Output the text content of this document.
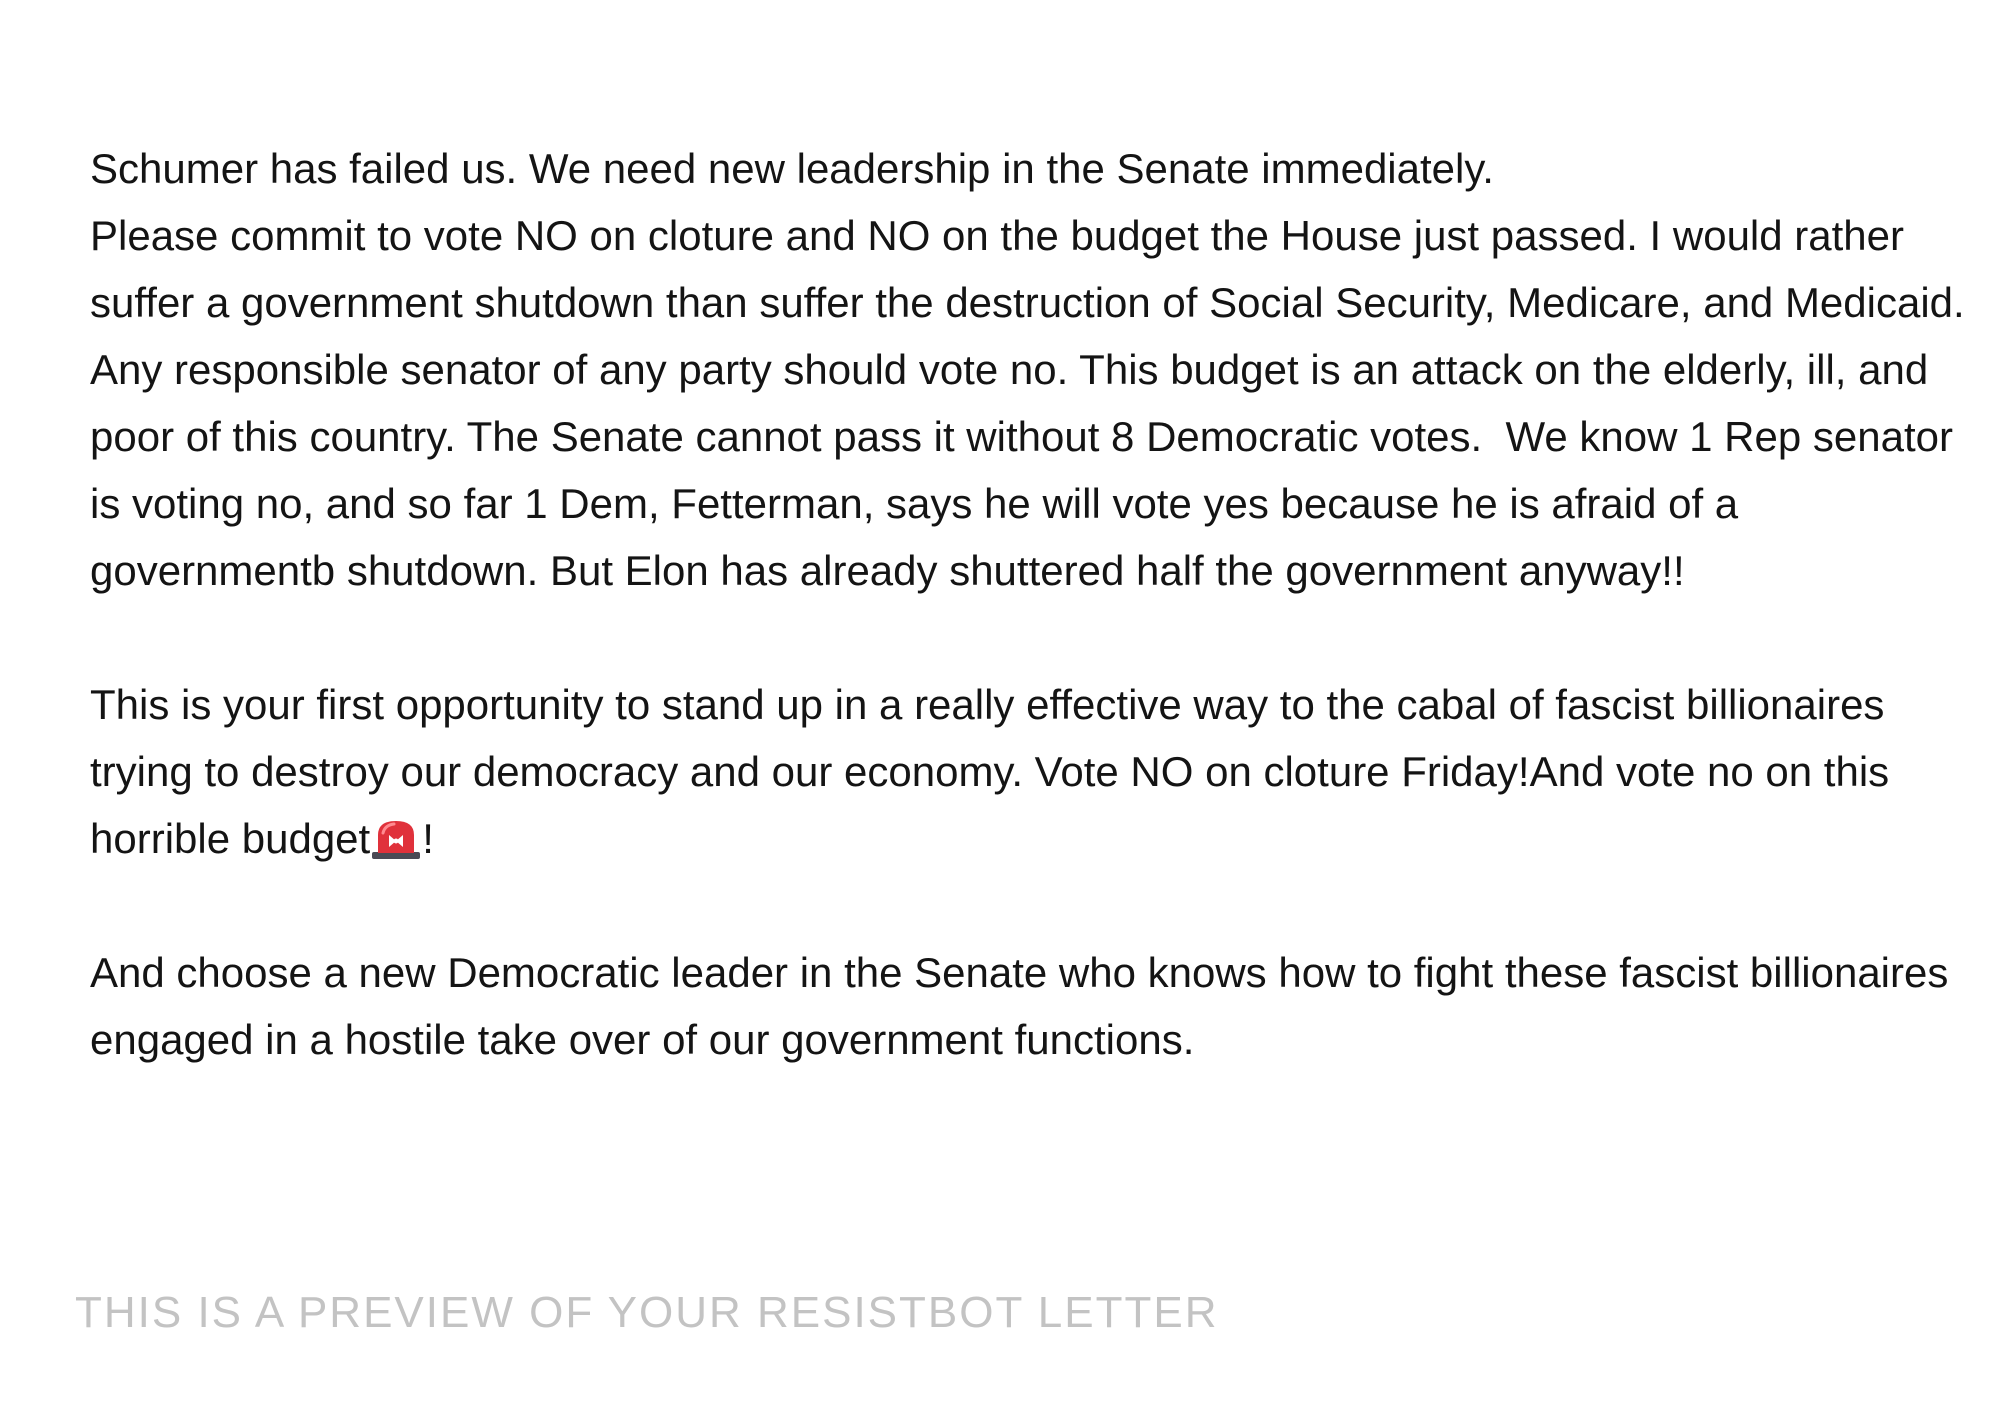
Schumer has failed us. We need new leadership in the Senate immediately.

Please commit to vote NO on cloture and NO on the budget the House just passed. I would rather suffer a government shutdown than suffer the destruction of Social Security, Medicare, and Medicaid. Any responsible senator of any party should vote no. This budget is an attack on the elderly, ill, and poor of this country. The Senate cannot pass it without 8 Democratic votes.  We know 1 Rep senator is voting no, and so far 1 Dem, Fetterman, says he will vote yes because he is afraid of a governmentb shutdown. But Elon has already shuttered half the government anyway!!

This is your first opportunity to stand up in a really effective way to the cabal of fascist billionaires trying to destroy our democracy and our economy. Vote NO on cloture Friday!And vote no on this horrible budget !

And choose a new Democratic leader in the Senate who knows how to fight these fascist billionaires engaged in a hostile take over of our government functions.

THIS IS A PREVIEW OF YOUR RESISTBOT LETTER
